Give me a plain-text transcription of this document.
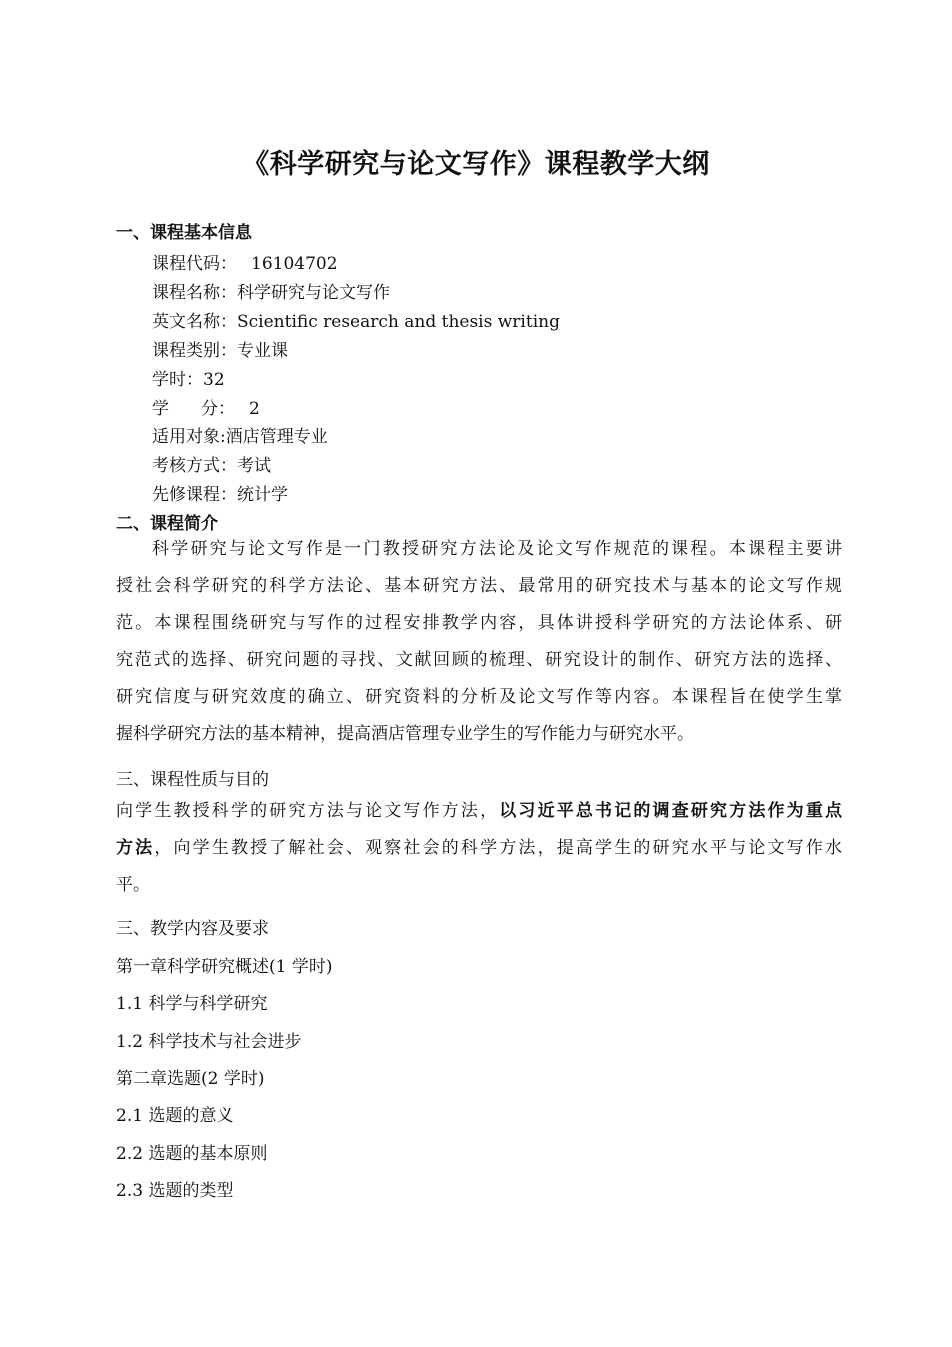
《科学研究与论文写作》课程教学大纲
一、课程基本信息
课程代码： 16104702
课程名称：科学研究与论文写作
英文名称：Scientific research and thesis writing
课程类别：专业课
学时：32
学 分： 2
适用对象:酒店管理专业
考核方式：考试
先修课程：统计学
二、课程简介
科学研究与论文写作是一门教授研究方法论及论文写作规范的课程。本课程主要讲
授社会科学研究的科学方法论、基本研究方法、最常用的研究技术与基本的论文写作规
范。本课程围绕研究与写作的过程安排教学内容，具体讲授科学研究的方法论体系、研
究范式的选择、研究问题的寻找、文献回顾的梳理、研究设计的制作、研究方法的选择、
研究信度与研究效度的确立、研究资料的分析及论文写作等内容。本课程旨在使学生掌
握科学研究方法的基本精神，提高酒店管理专业学生的写作能力与研究水平。
三、课程性质与目的
向学生教授科学的研究方法与论文写作方法，以习近平总书记的调查研究方法作为重点
方法，向学生教授了解社会、观察社会的科学方法，提高学生的研究水平与论文写作水
平。
三、教学内容及要求
第一章科学研究概述(1 学时)
1.1 科学与科学研究
1.2 科学技术与社会进步
第二章选题(2 学时)
2.1 选题的意义
2.2 选题的基本原则
2.3 选题的类型
